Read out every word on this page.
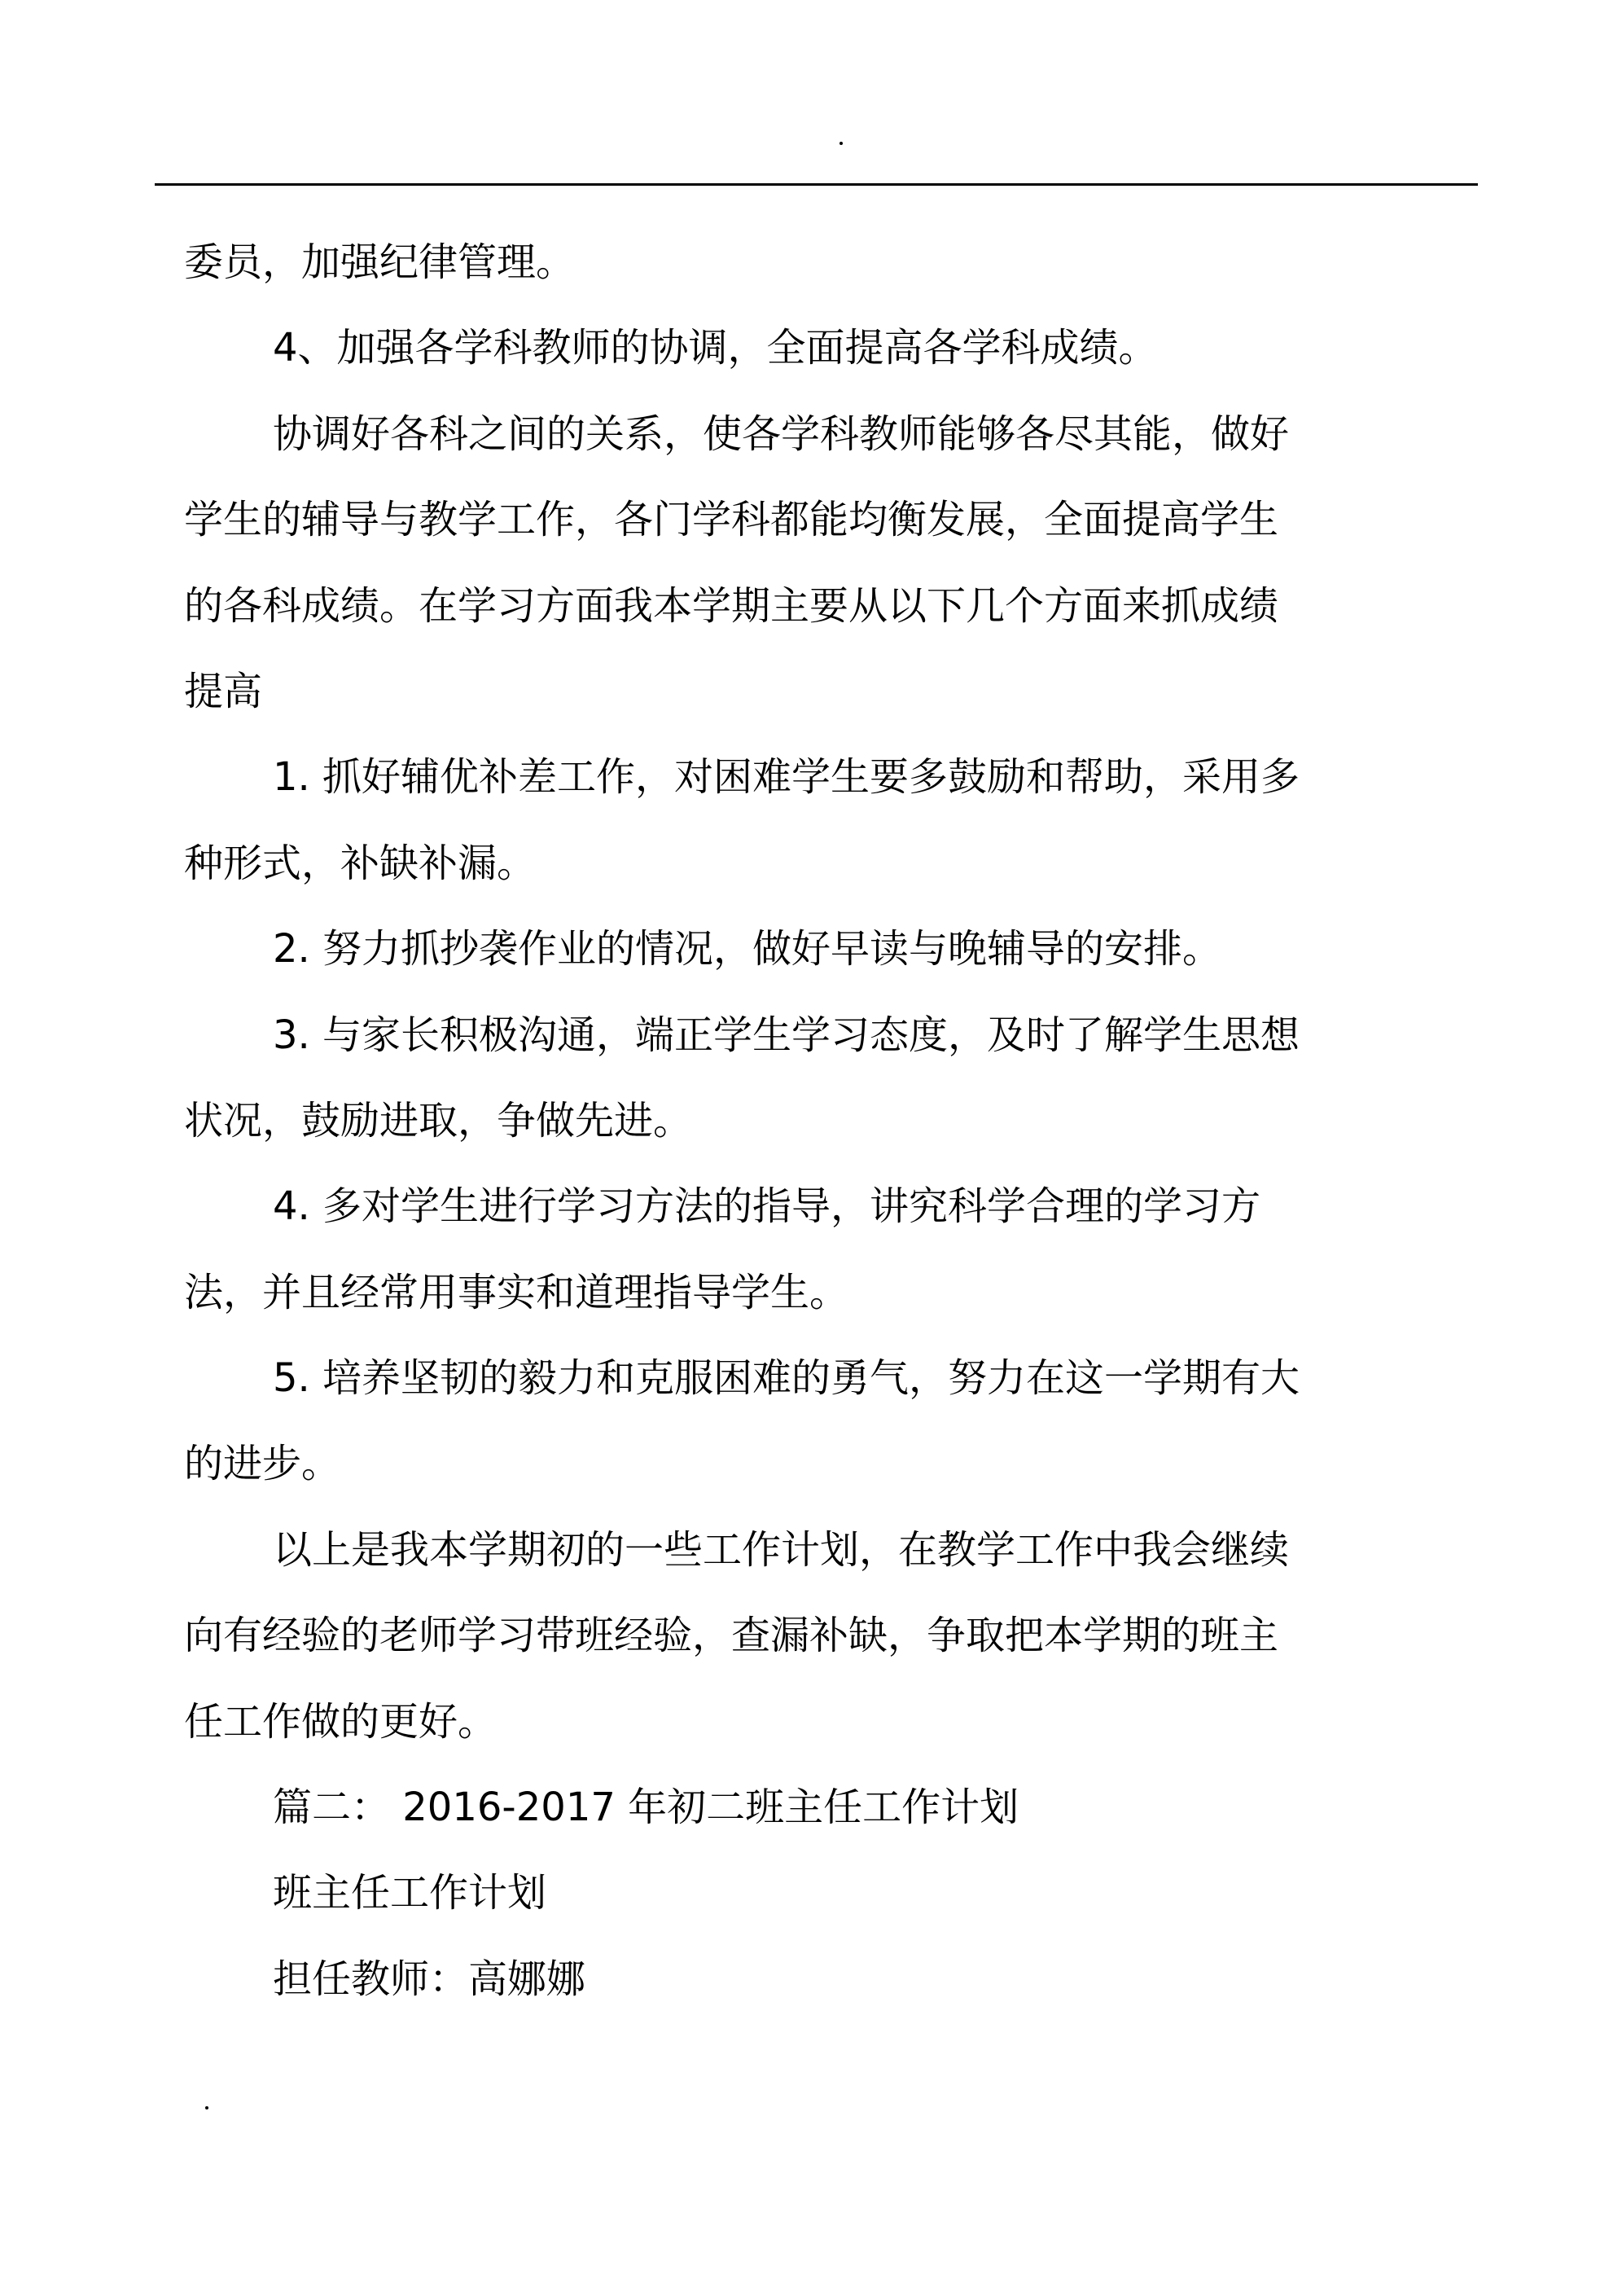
委员，加强纪律管理。
4、加强各学科教师的协调，全面提高各学科成绩。
协调好各科之间的关系，使各学科教师能够各尽其能，做好
学生的辅导与教学工作，各门学科都能均衡发展，全面提高学生
的各科成绩。在学习方面我本学期主要从以下几个方面来抓成绩
提高
1. 抓好辅优补差工作，对困难学生要多鼓励和帮助，采用多
种形式，补缺补漏。
2. 努力抓抄袭作业的情况，做好早读与晚辅导的安排。
3. 与家长积极沟通，端正学生学习态度，及时了解学生思想
状况，鼓励进取，争做先进。
4. 多对学生进行学习方法的指导，讲究科学合理的学习方
法，并且经常用事实和道理指导学生。
5. 培养坚韧的毅力和克服困难的勇气，努力在这一学期有大
的进步。
以上是我本学期初的一些工作计划，在教学工作中我会继续
向有经验的老师学习带班经验，查漏补缺，争取把本学期的班主
任工作做的更好。
篇二： 2016-2017 年初二班主任工作计划
班主任工作计划
担任教师：高娜娜
